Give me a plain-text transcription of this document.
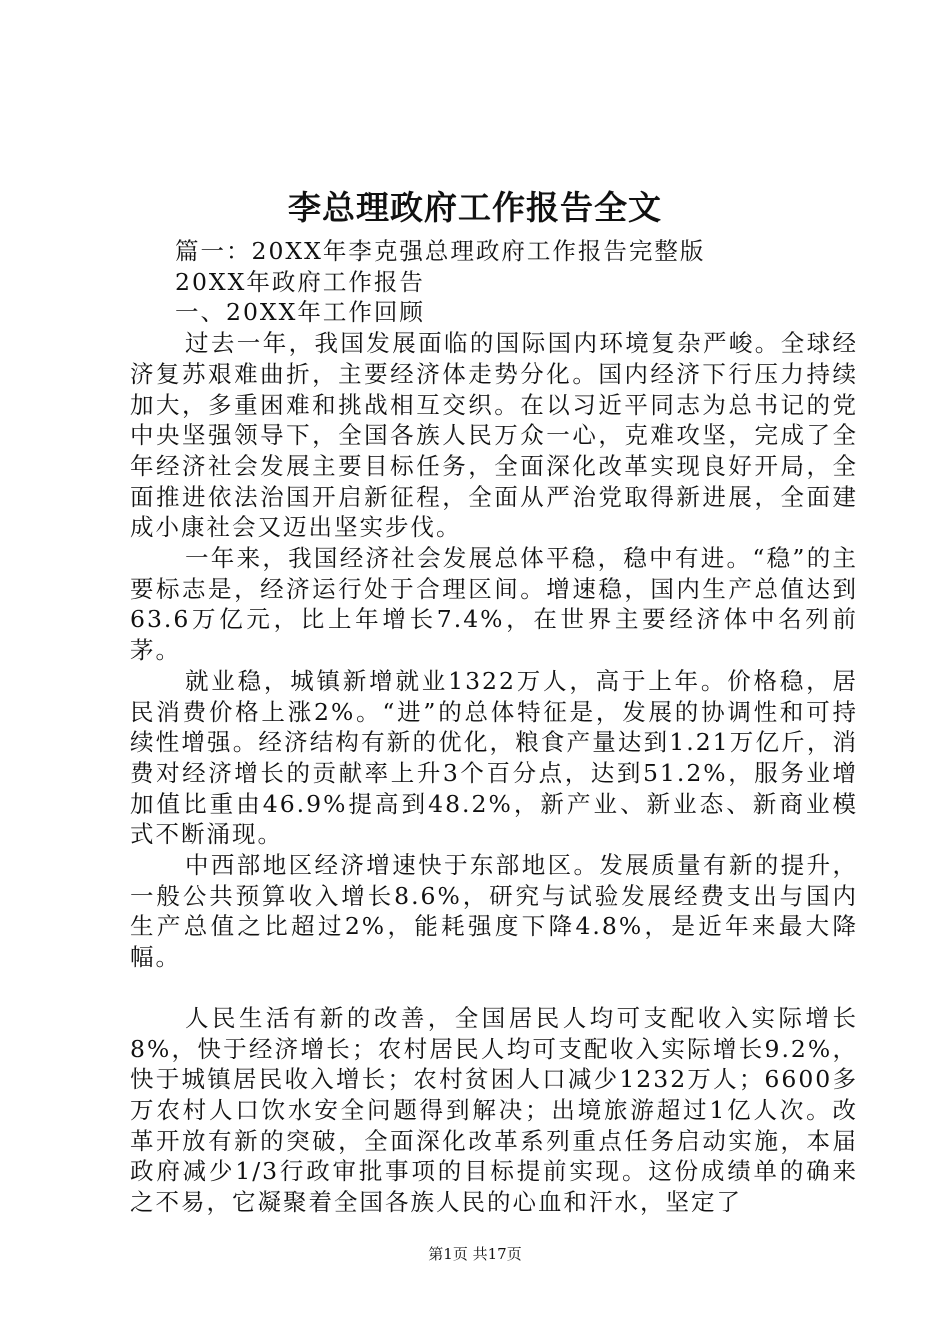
李总理政府工作报告全文

篇一：20XX年李克强总理政府工作报告完整版

20XX年政府工作报告

一、20XX年工作回顾

过去一年，我国发展面临的国际国内环境复杂严峻。全球经济复苏艰难曲折，主要经济体走势分化。国内经济下行压力持续加大，多重困难和挑战相互交织。在以习近平同志为总书记的党中央坚强领导下，全国各族人民万众一心，克难攻坚，完成了全年经济社会发展主要目标任务，全面深化改革实现良好开局，全面推进依法治国开启新征程，全面从严治党取得新进展，全面建成小康社会又迈出坚实步伐。

一年来，我国经济社会发展总体平稳，稳中有进。“稳”的主要标志是，经济运行处于合理区间。增速稳，国内生产总值达到63.6万亿元，比上年增长7.4%，在世界主要经济体中名列前茅。

就业稳，城镇新增就业1322万人，高于上年。价格稳，居民消费价格上涨2%。“进”的总体特征是，发展的协调性和可持续性增强。经济结构有新的优化，粮食产量达到1.21万亿斤，消费对经济增长的贡献率上升3个百分点，达到51.2%，服务业增加值比重由46.9%提高到48.2%，新产业、新业态、新商业模式不断涌现。

中西部地区经济增速快于东部地区。发展质量有新的提升，一般公共预算收入增长8.6%，研究与试验发展经费支出与国内生产总值之比超过2%，能耗强度下降4.8%，是近年来最大降幅。

人民生活有新的改善，全国居民人均可支配收入实际增长8%，快于经济增长；农村居民人均可支配收入实际增长9.2%，快于城镇居民收入增长；农村贫困人口减少1232万人；6600多万农村人口饮水安全问题得到解决；出境旅游超过1亿人次。改革开放有新的突破，全面深化改革系列重点任务启动实施，本届政府减少1/3行政审批事项的目标提前实现。这份成绩单的确来之不易，它凝聚着全国各族人民的心血和汗水，坚定了

第1页 共17页
